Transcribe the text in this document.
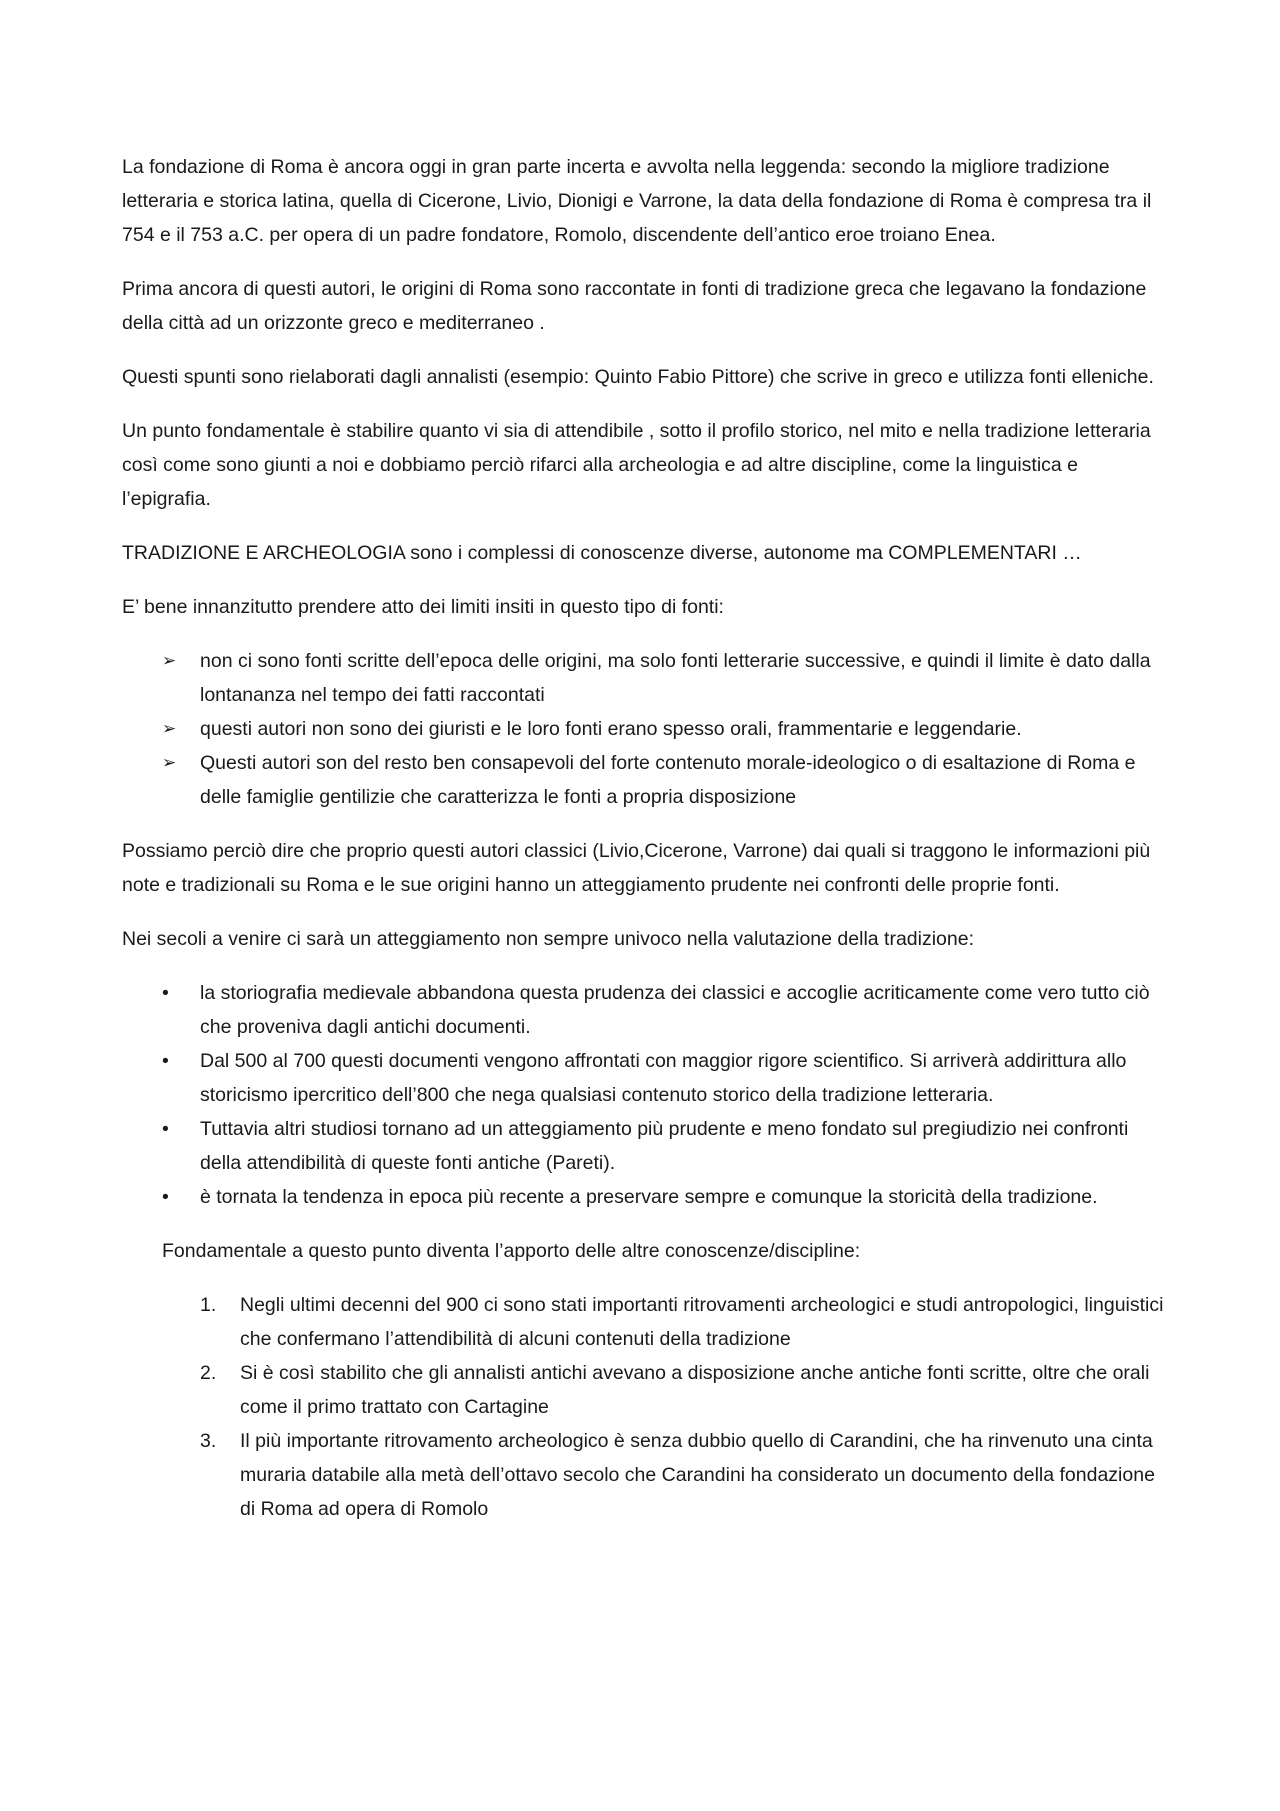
La fondazione di Roma è ancora oggi in gran parte incerta e avvolta nella leggenda: secondo la migliore tradizione letteraria e storica latina, quella di Cicerone, Livio, Dionigi e Varrone, la data della fondazione di Roma è compresa tra il 754 e il 753 a.C. per opera di un padre fondatore, Romolo, discendente dell’antico eroe troiano Enea.

Prima ancora di questi autori, le origini di Roma sono raccontate in fonti di tradizione greca che legavano la fondazione della città ad un orizzonte greco e mediterraneo .

Questi spunti sono rielaborati dagli annalisti (esempio: Quinto Fabio Pittore) che scrive in greco e utilizza fonti elleniche.

Un punto fondamentale è stabilire quanto vi sia di attendibile , sotto il profilo storico, nel mito e nella tradizione letteraria così come sono giunti a noi e dobbiamo perciò rifarci alla archeologia e ad altre discipline, come la linguistica e l’epigrafia.

TRADIZIONE E ARCHEOLOGIA sono i complessi di conoscenze diverse, autonome ma COMPLEMENTARI …

E’ bene innanzitutto prendere atto dei limiti insiti in questo tipo di fonti:

➢ non ci sono fonti scritte dell’epoca delle origini, ma solo fonti letterarie successive, e quindi il limite è dato dalla lontananza nel tempo dei fatti raccontati
➢ questi autori non sono dei giuristi e le loro fonti erano spesso orali, frammentarie e leggendarie.
➢ Questi autori son del resto ben consapevoli del forte contenuto morale-ideologico o di esaltazione di Roma e delle famiglie gentilizie che caratterizza le fonti a propria disposizione

Possiamo perciò dire che proprio questi autori classici (Livio,Cicerone, Varrone) dai quali si traggono le informazioni più note e tradizionali su Roma e le sue origini hanno un atteggiamento prudente nei confronti delle proprie fonti.

Nei secoli a venire ci sarà un atteggiamento non sempre univoco nella valutazione della tradizione:

• la storiografia medievale abbandona questa prudenza dei classici e accoglie acriticamente come vero tutto ciò che proveniva dagli antichi documenti.
• Dal 500 al 700 questi documenti vengono affrontati con maggior rigore scientifico. Si arriverà addirittura allo storicismo ipercritico dell’800 che nega qualsiasi contenuto storico della tradizione letteraria.
• Tuttavia altri studiosi tornano ad un atteggiamento più prudente e meno fondato sul pregiudizio nei confronti della attendibilità di queste fonti antiche (Pareti).
• è tornata la tendenza in epoca più recente a preservare sempre e comunque la storicità della tradizione.

Fondamentale a questo punto diventa l’apporto delle altre conoscenze/discipline:

1. Negli ultimi decenni del 900 ci sono stati importanti ritrovamenti archeologici e studi antropologici, linguistici che confermano l’attendibilità di alcuni contenuti della tradizione
2. Si è così stabilito che gli annalisti antichi avevano a disposizione anche antiche fonti scritte, oltre che orali come il primo trattato con Cartagine
3. Il più importante ritrovamento archeologico è senza dubbio quello di Carandini, che ha rinvenuto una cinta muraria databile alla metà dell’ottavo secolo che Carandini ha considerato un documento della fondazione di Roma ad opera di Romolo
